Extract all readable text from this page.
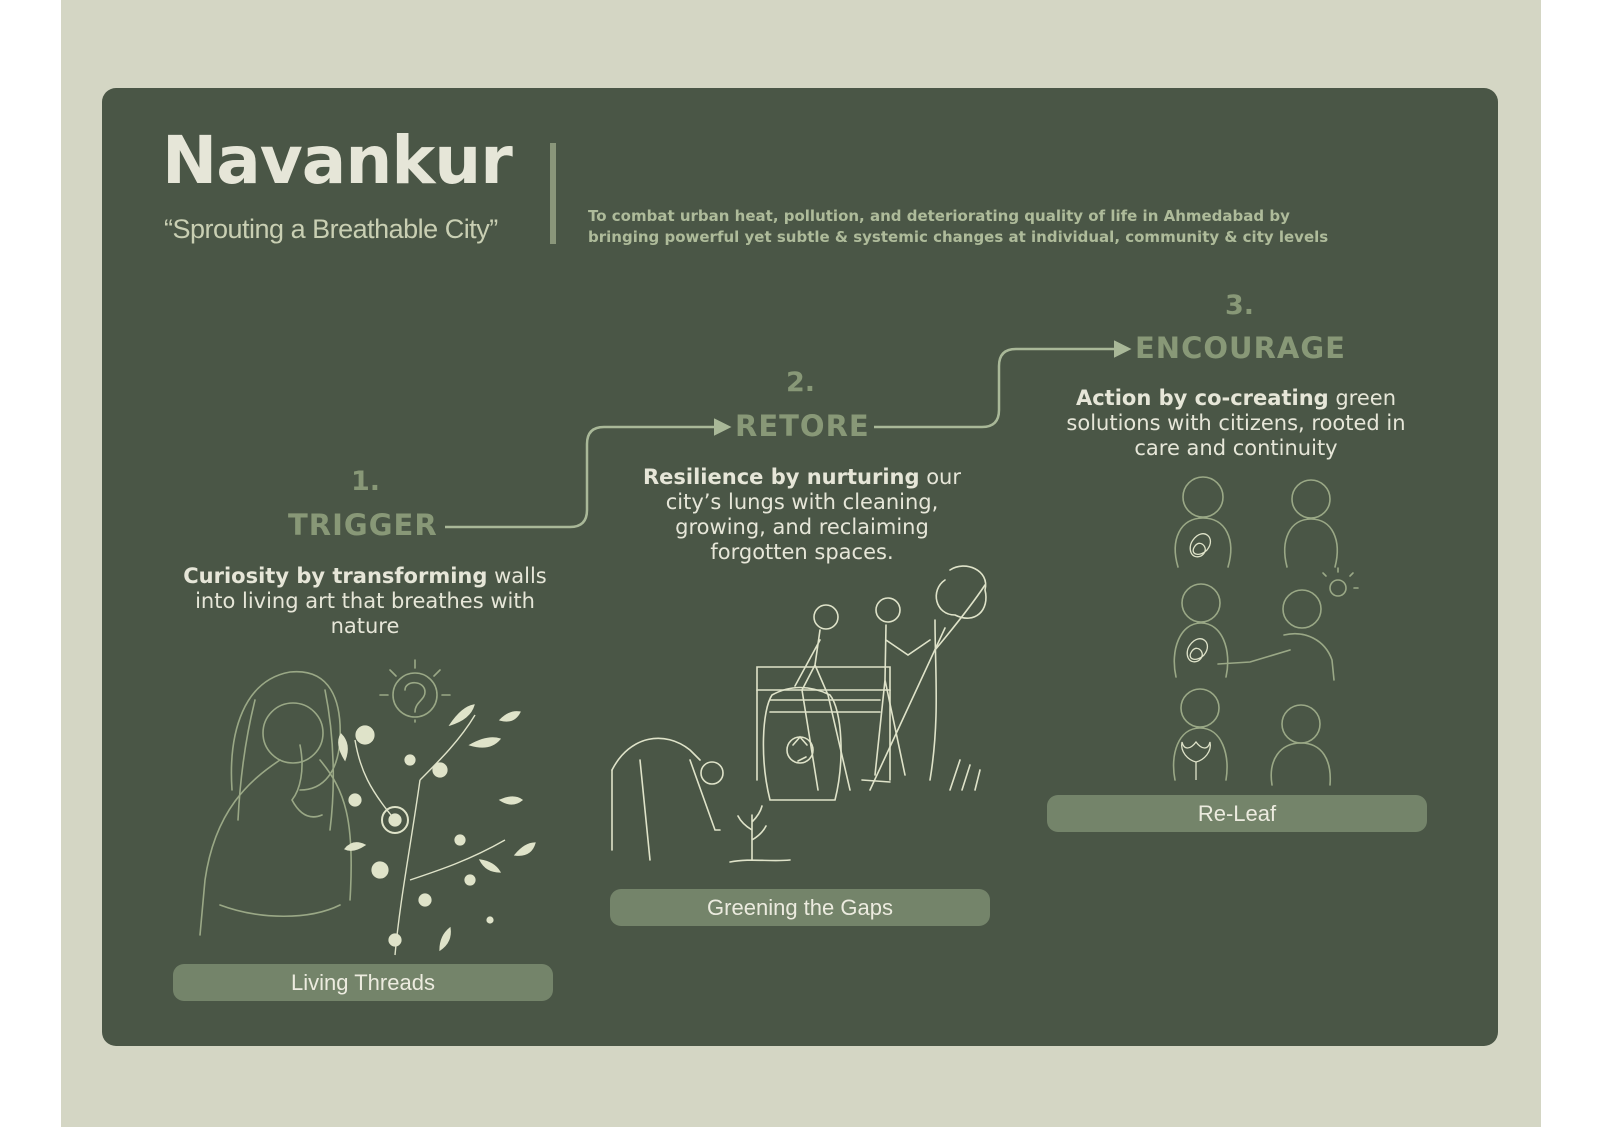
Navankur
“Sprouting a Breathable City”	To combat urban heat, pollution, and deteriorating quality of life in Ahmedabad by
bringing powerful yet subtle & systemic changes at individual, community & city levels
1.
TRIGGER
Curiosity by transforming walls
into living art that breathes with
nature
Living Threads
2.
RETORE
Resilience by nurturing our
city’s lungs with cleaning,
growing, and reclaiming
forgotten spaces.
Greening the Gaps
3.
ENCOURAGE
Action by co-creating green
solutions with citizens, rooted in
care and continuity
Re-Leaf
